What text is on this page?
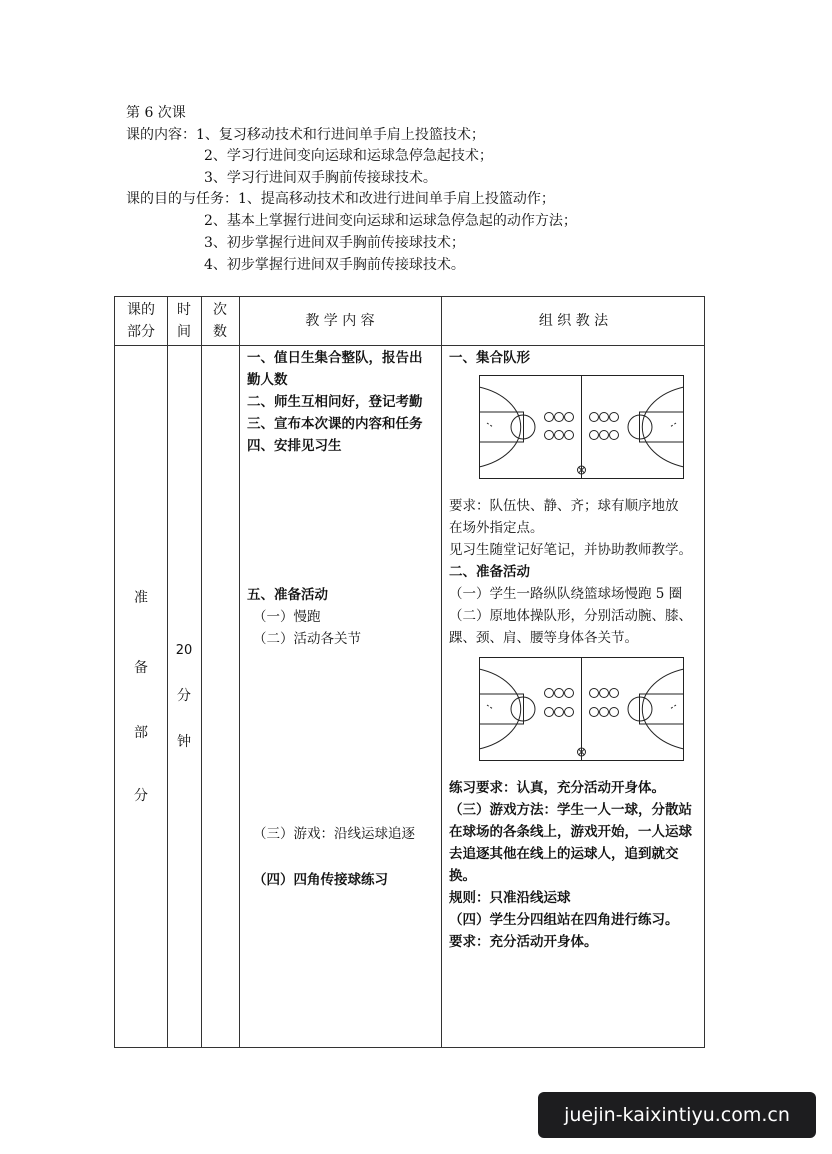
第 6 次课
课的内容：1、复习移动技术和行进间单手肩上投篮技术；
2、学习行进间变向运球和运球急停急起技术；
3、学习行进间双手胸前传接球技术。
课的目的与任务：1、提高移动技术和改进行进间单手肩上投篮动作；
2、基本上掌握行进间变向运球和运球急停急起的动作方法；
3、初步掌握行进间双手胸前传接球技术；
4、初步掌握行进间双手胸前传接球技术。
课的
部分
时
间
次
数
教 学 内 容	组 织 教 法
准
备
部
分
20
分
钟
一、值日生集合整队，报告出
勤人数
二、师生互相问好，登记考勤
三、宣布本次课的内容和任务
四、安排见习生
五、准备活动
（一）慢跑
（二）活动各关节
（三）游戏：沿线运球追逐
（四）四角传接球练习
一、集合队形
要求：队伍快、静、齐；球有顺序地放
在场外指定点。
见习生随堂记好笔记，并协助教师教学。
二、准备活动
（一）学生一路纵队绕篮球场慢跑 5 圈
（二）原地体操队形，分别活动腕、膝、
踝、颈、肩、腰等身体各关节。
练习要求：认真，充分活动开身体。
（三）游戏方法：学生一人一球，分散站
在球场的各条线上，游戏开始，一人运球
去追逐其他在线上的运球人，追到就交
换。
规则：只准沿线运球
（四）学生分四组站在四角进行练习。
要求：充分活动开身体。
juejin-kaixintiyu.com.cn
